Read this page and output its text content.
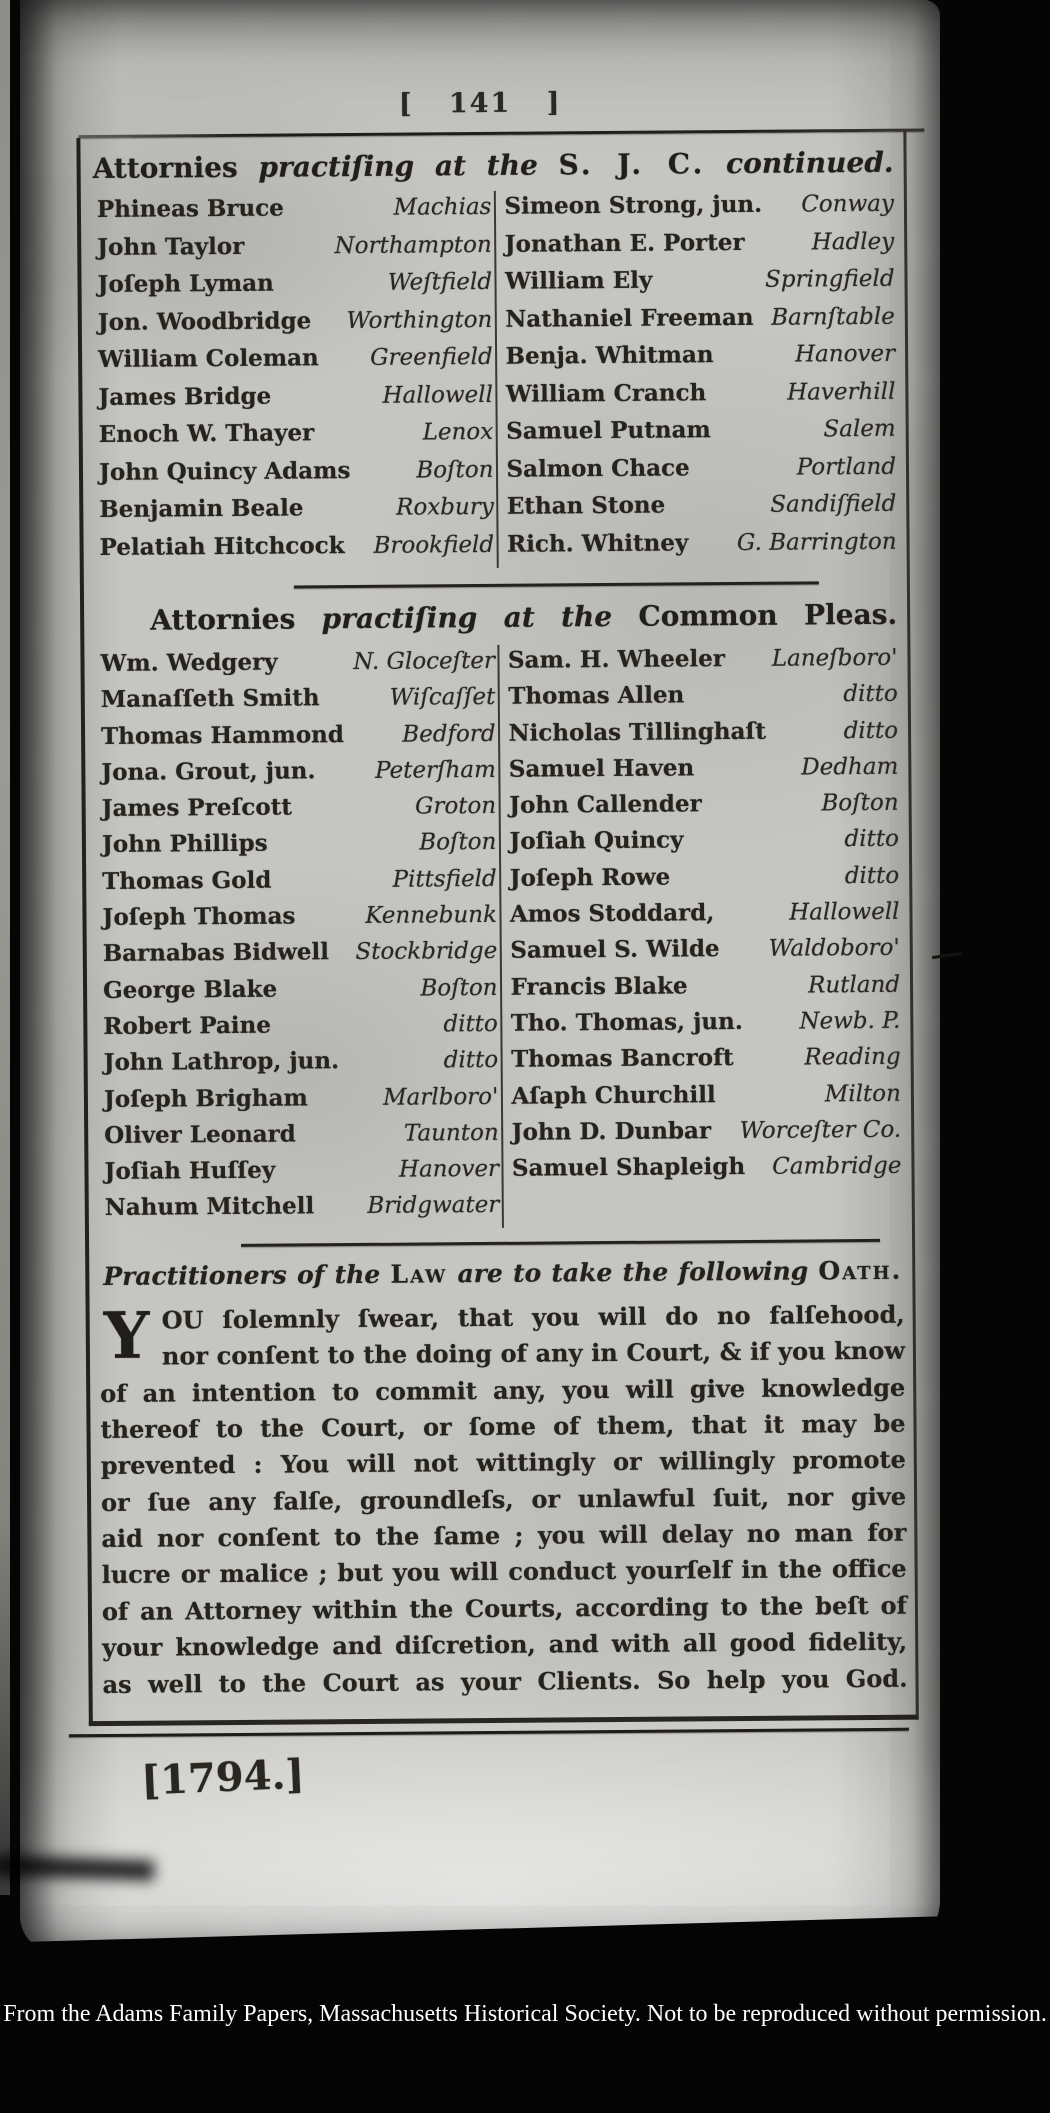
[ 141 ]
Attornies practiſing at the S. J. C. continued.
Phineas Bruce	Machias
John Taylor	Northampton
Joſeph Lyman	Weſtfield
Jon. Woodbridge Worthington
William Coleman Greenfield
James Bridge	Hallowell
Enoch W. Thayer	Lenox
John Quincy Adams	Boſton
Benjamin Beale	Roxbury
Pelatiah Hitchcock Brookfield
Simeon Strong, jun. Conway
Jonathan E. Porter	Hadley
William Ely	Springfield
Nathaniel Freeman Barnſtable
Benja. Whitman	Hanover
William Cranch	Haverhill
Samuel Putnam	Salem
Salmon Chace	Portland
Ethan Stone	Sandiſfield
Rich. Whitney G. Barrington
Attornies practiſing at the Common Pleas.
Wm. Wedgery	N. Gloceſter
Manaſſeth Smith	Wiſcaſſet
Thomas Hammond	Bedford
Jona. Grout, jun.	Peterſham
James Preſcott	Groton
John Phillips	Boſton
Thomas Gold	Pittsfield
Joſeph Thomas	Kennebunk
Barnabas Bidwell Stockbridge
George Blake	Boſton
Robert Paine	ditto
John Lathrop, jun.	ditto
Joſeph Brigham	Marlboro'
Oliver Leonard	Taunton
Joſiah Huſſey	Hanover
Nahum Mitchell Bridgwater
Sam. H. Wheeler Laneſboro'
Thomas Allen	ditto
Nicholas Tillinghaſt	ditto
Samuel Haven	Dedham
John Callender	Boſton
Joſiah Quincy	ditto
Joſeph Rowe	ditto
Amos Stoddard,	Hallowell
Samuel S. Wilde Waldoboro'
Francis Blake	Rutland
Tho. Thomas, jun. Newb. P.
Thomas Bancroft	Reading
Aſaph Churchill	Milton
John D. Dunbar Worceſter Co.
Samuel Shapleigh Cambridge
Practitioners of the Law are to take the following Oath.
Y OU ſolemnly ſwear, that you will do no falſehood,
nor conſent to the doing of any in Court, & if you know
of an intention to commit any, you will give knowledge
thereof to the Court, or ſome of them, that it may be
prevented : You will not wittingly or willingly promote
or ſue any falſe, groundleſs, or unlawful ſuit, nor give
aid nor conſent to the ſame ; you will delay no man for
lucre or malice ; but you will conduct yourſelf in the office
of an Attorney within the Courts, according to the beſt of
your knowledge and diſcretion, and with all good fidelity,
as well to the Court as your Clients. So help you God.
[1794.]
From the Adams Family Papers, Massachusetts Historical Society. Not to be reproduced without permission.
